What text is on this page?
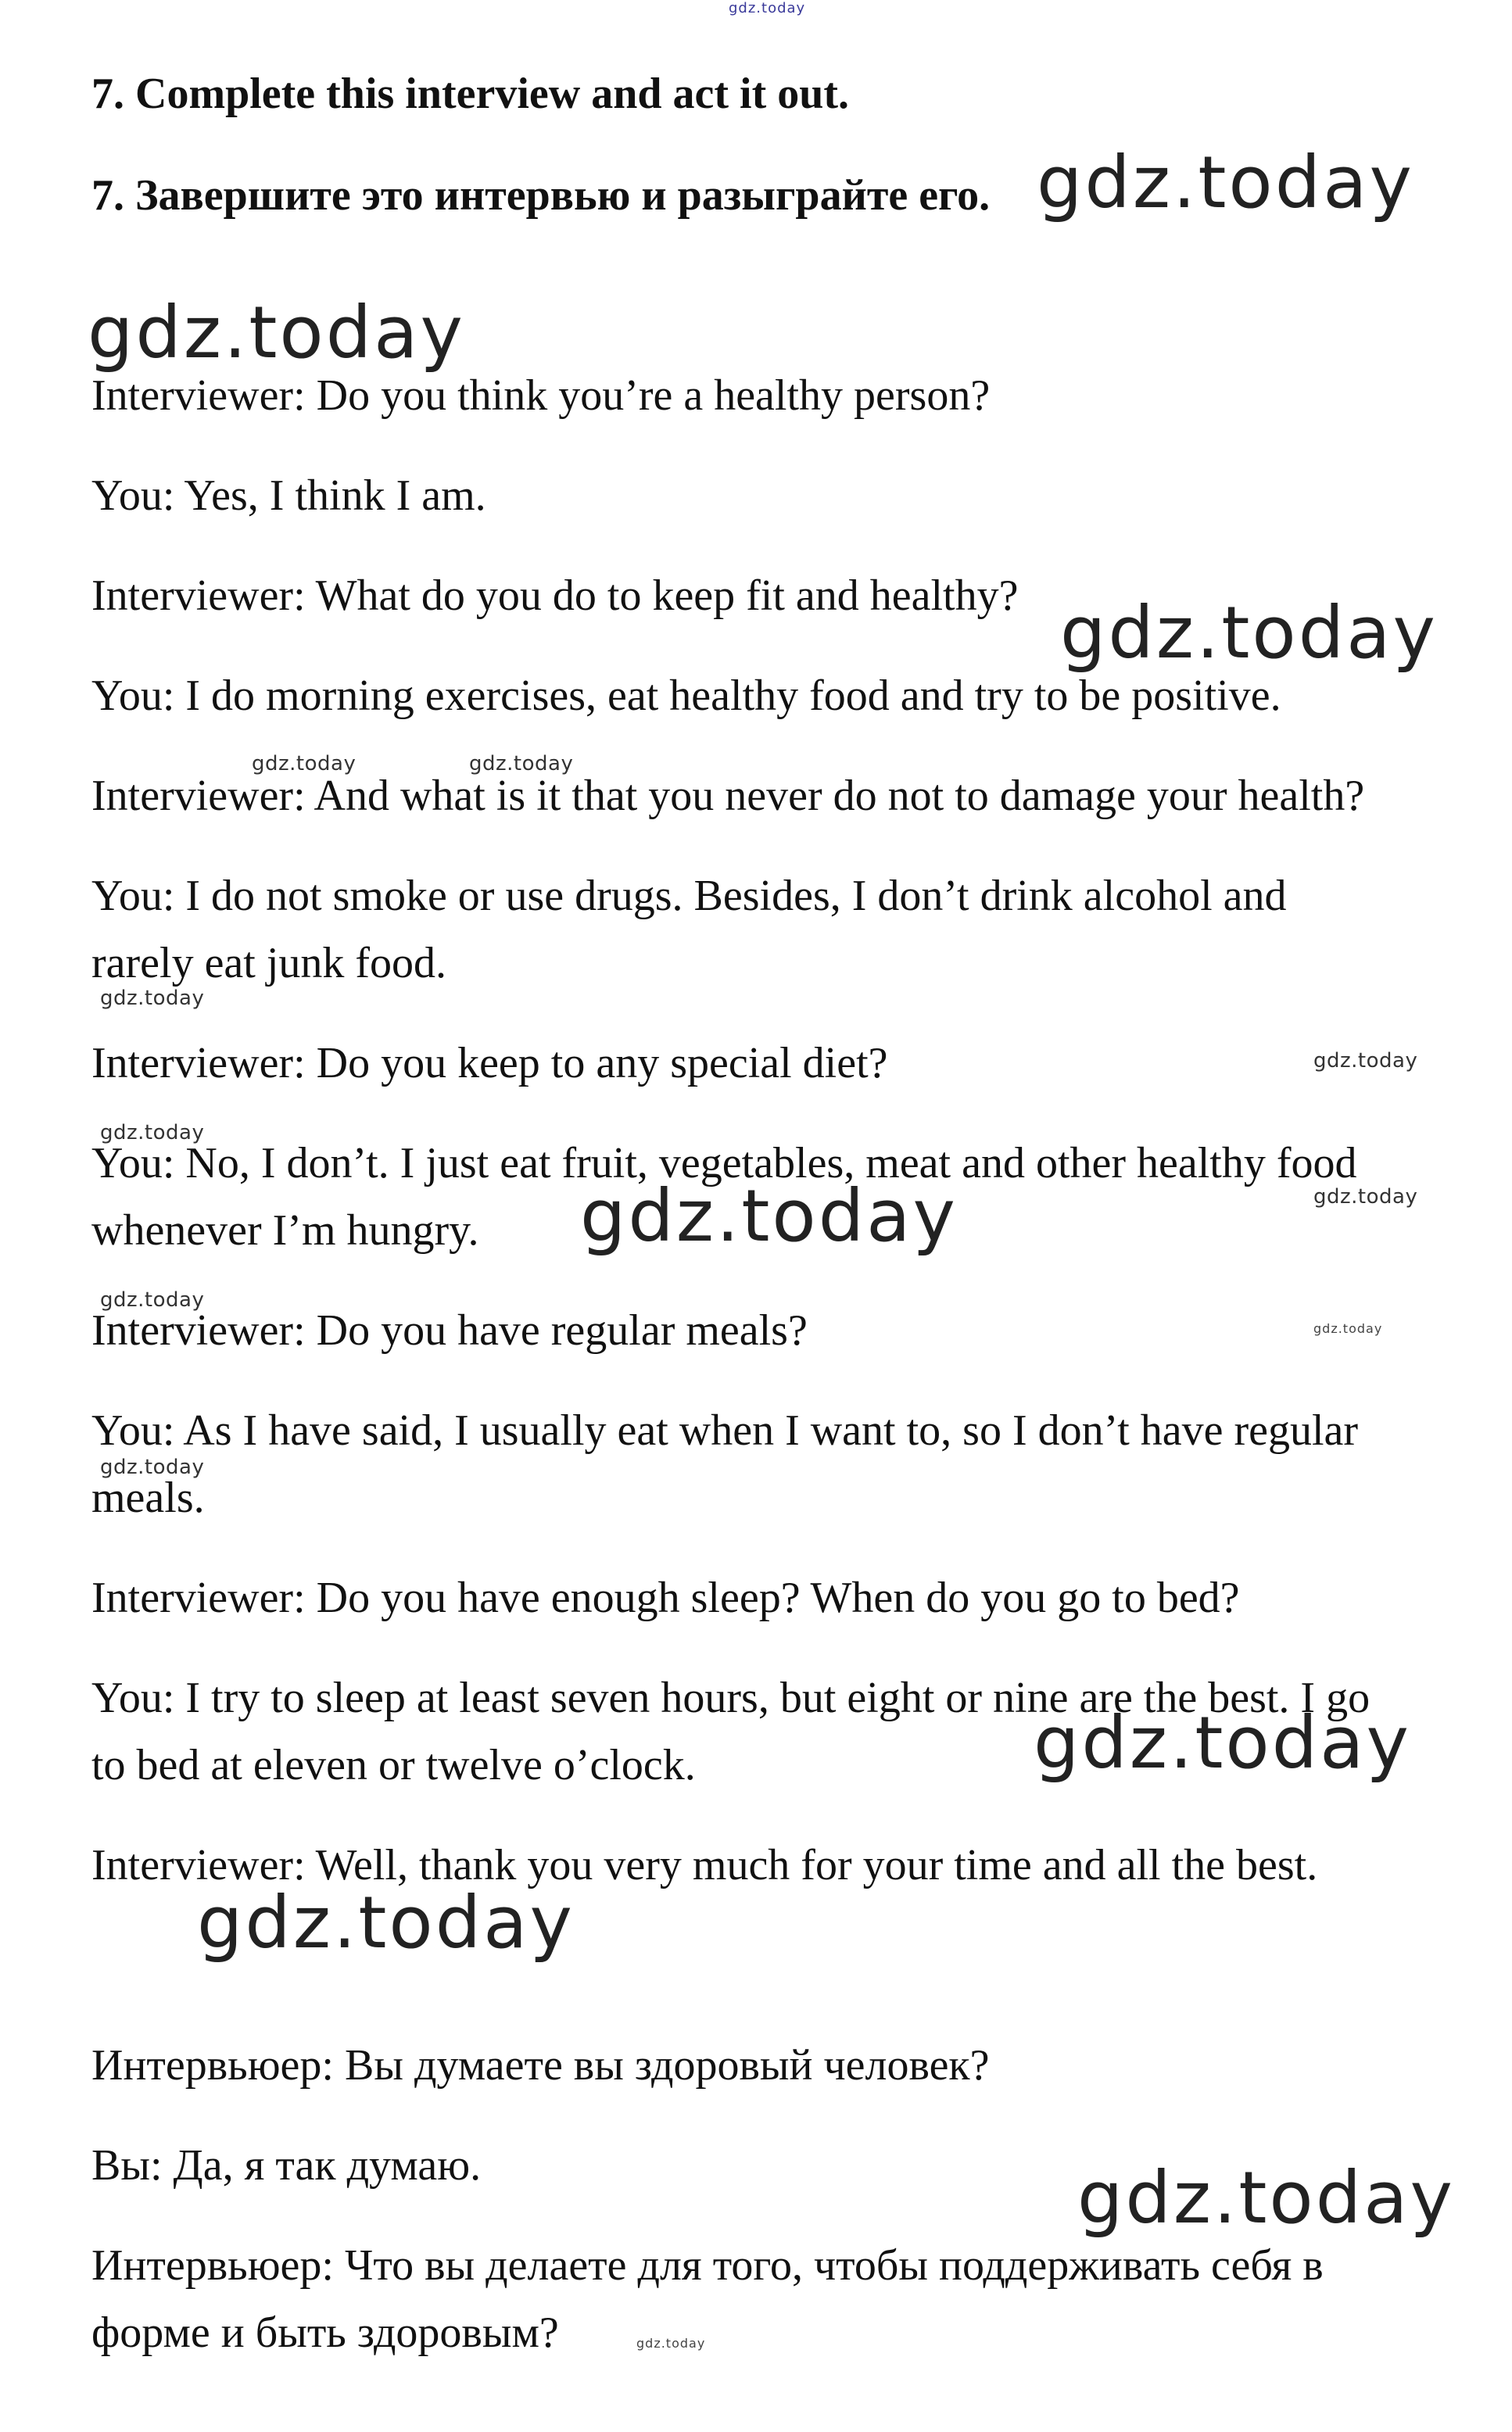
gdz.today
7. Complete this interview and act it out.
7. Завершите это интервью и разыграйте его.
Interviewer: Do you think you’re a healthy person?
You: Yes, I think I am.
Interviewer: What do you do to keep fit and healthy?
You: I do morning exercises, eat healthy food and try to be positive.
Interviewer: And what is it that you never do not to damage your health?
You: I do not smoke or use drugs. Besides, I don’t drink alcohol and
rarely eat junk food.
Interviewer: Do you keep to any special diet?
You: No, I don’t. I just eat fruit, vegetables, meat and other healthy food
whenever I’m hungry.
Interviewer: Do you have regular meals?
You: As I have said, I usually eat when I want to, so I don’t have regular
meals.
Interviewer: Do you have enough sleep? When do you go to bed?
You: I try to sleep at least seven hours, but eight or nine are the best. I go
to bed at eleven or twelve o’clock.
Interviewer: Well, thank you very much for your time and all the best.
Интервьюер: Вы думаете вы здоровый человек?
Вы: Да, я так думаю.
Интервьюер: Что вы делаете для того, чтобы поддерживать себя в
форме и быть здоровым?
gdz.today
gdz.today
gdz.today
gdz.today	gdz.today
gdz.today
gdz.today
gdz.today
gdz.today
gdz.today
gdz.today
gdz.today
gdz.today
gdz.today
gdz.today
gdz.today
gdz.today
